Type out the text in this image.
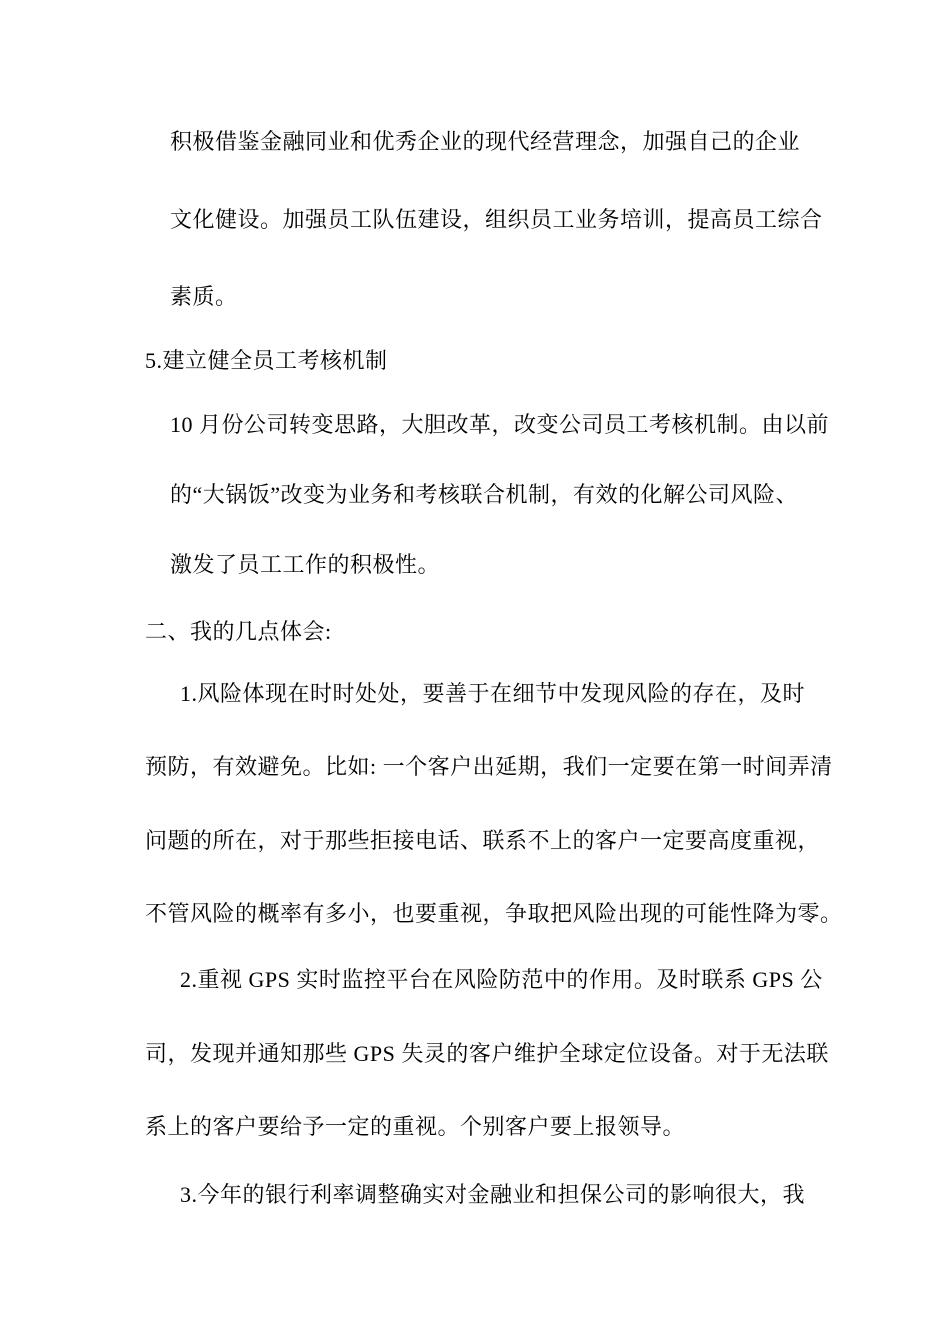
积极借鉴金融同业和优秀企业的现代经营理念，加强自己的企业
文化健设。加强员工队伍建设，组织员工业务培训，提高员工综合
素质。
5.建立健全员工考核机制
10 月份公司转变思路，大胆改革，改变公司员工考核机制。由以前
的“大锅饭”改变为业务和考核联合机制，有效的化解公司风险、
激发了员工工作的积极性。
二、我的几点体会:
1.风险体现在时时处处，要善于在细节中发现风险的存在，及时
预防，有效避免。比如: 一个客户出延期，我们一定要在第一时间弄清
问题的所在，对于那些拒接电话、联系不上的客户一定要高度重视，
不管风险的概率有多小，也要重视，争取把风险出现的可能性降为零。
2.重视 GPS 实时监控平台在风险防范中的作用。及时联系 GPS 公
司，发现并通知那些 GPS 失灵的客户维护全球定位设备。对于无法联
系上的客户要给予一定的重视。个别客户要上报领导。
3.今年的银行利率调整确实对金融业和担保公司的影响很大，我
